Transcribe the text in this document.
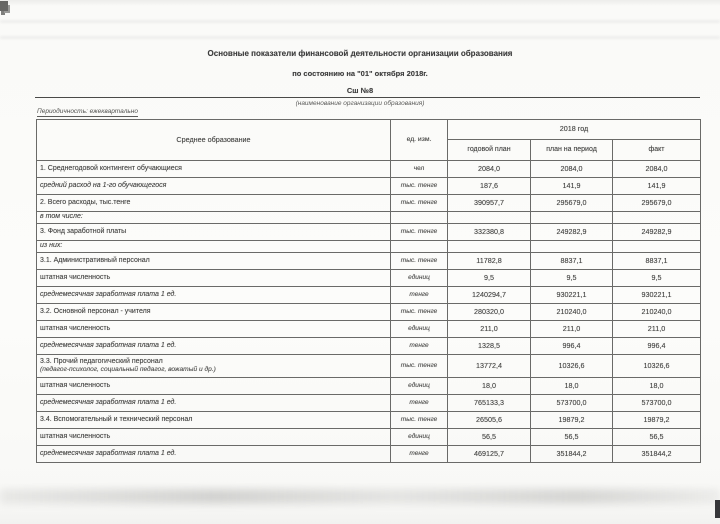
Основные показатели финансовой деятельности организации образования
по состоянию на "01" октября 2018г.
Сш №8
(наименование организации образования)
Периодичность: ежеквартально
Среднее образование	ед. изм.	2018 год		
		годовой план	план на период	факт
1. Среднегодовой контингент обучающиеся	чел	2084,0	2084,0	2084,0
средний расход на 1-го обучающегося	тыс. тенге	187,6	141,9	141,9
2. Всего расходы, тыс.тенге	тыс. тенге	390957,7	295679,0	295679,0
в том числе:				
3. Фонд заработной платы	тыс. тенге	332380,8	249282,9	249282,9
из них:				
3.1. Административный персонал	тыс. тенге	11782,8	8837,1	8837,1
штатная численность	единиц	9,5	9,5	9,5
среднемесячная заработная плата 1 ед.	тенге	1240294,7	930221,1	930221,1
3.2. Основной персонал - учителя	тыс. тенге	280320,0	210240,0	210240,0
штатная численность	единиц	211,0	211,0	211,0
среднемесячная заработная плата 1 ед.	тенге	1328,5	996,4	996,4

3.3. Прочий педагогический персонал
(педагог-психолог, социальный педагог, вожатый и др.)	тыс. тенге	13772,4	10326,6	10326,6
штатная численность	единиц	18,0	18,0	18,0
среднемесячная заработная плата 1 ед.	тенге	765133,3	573700,0	573700,0
3.4. Вспомогательный и технический персонал	тыс. тенге	26505,6	19879,2	19879,2
штатная численность	единиц	56,5	56,5	56,5
среднемесячная заработная плата 1 ед.	тенге	469125,7	351844,2	351844,2
